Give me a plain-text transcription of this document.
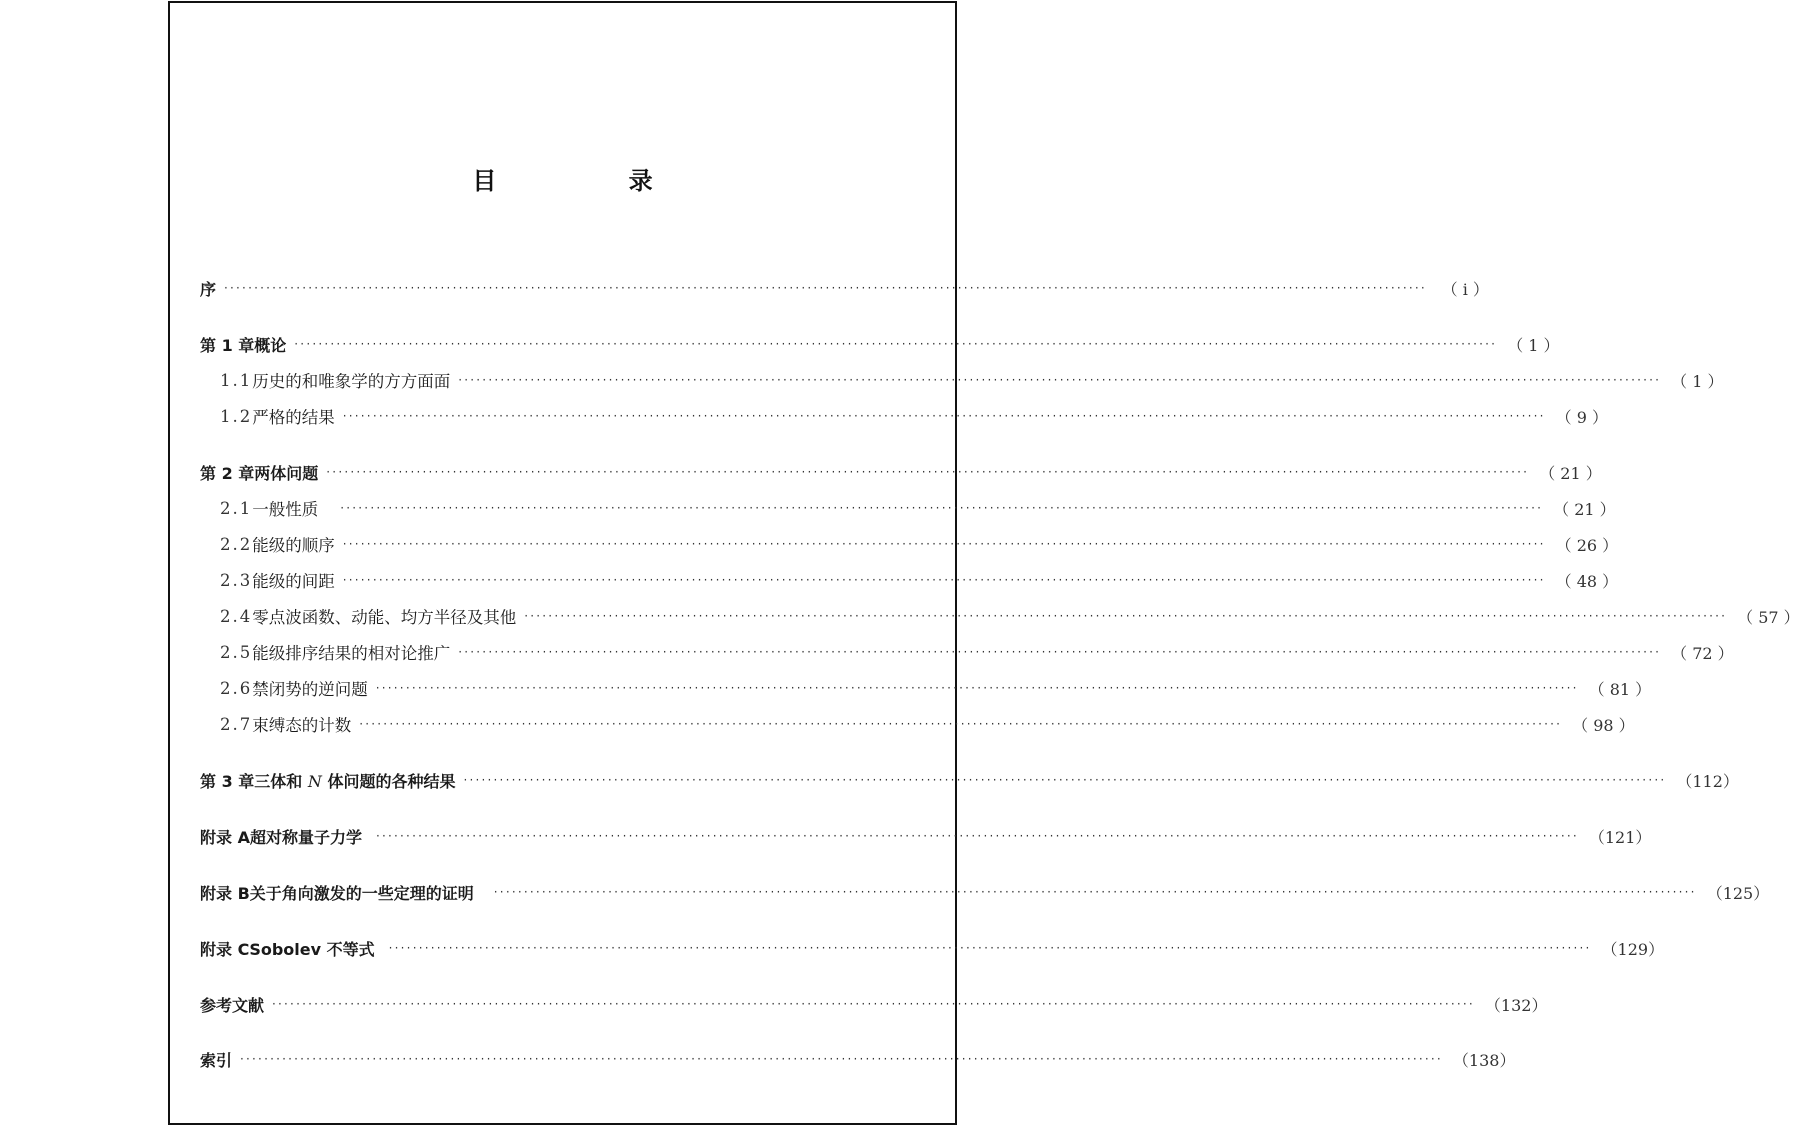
目 录
序 ········································································································································································································ （ ⅰ ）
第 1 章 概论 ········································································································································································································ （ 1 ）
1.1 历史的和唯象学的方方面面 ········································································································································································································ （ 1 ）
1.2 严格的结果 ········································································································································································································ （ 9 ）
第 2 章 两体问题 ········································································································································································································ （ 21 ）
2.1 一般性质 ········································································································································································································ （ 21 ）
2.2 能级的顺序 ········································································································································································································ （ 26 ）
2.3 能级的间距 ········································································································································································································ （ 48 ）
2.4 零点波函数、动能、均方半径及其他 ········································································································································································································ （ 57 ）
2.5 能级排序结果的相对论推广 ········································································································································································································ （ 72 ）
2.6 禁闭势的逆问题 ········································································································································································································ （ 81 ）
2.7 束缚态的计数 ········································································································································································································ （ 98 ）
第 3 章 三体和 N 体问题的各种结果 ········································································································································································································ （112）
附录 A 超对称量子力学 ········································································································································································································ （121）
附录 B 关于角向激发的一些定理的证明 ········································································································································································································ （125）
附录 C Sobolev 不等式 ········································································································································································································ （129）
参考文献 ········································································································································································································ （132）
索引 ········································································································································································································ （138）
